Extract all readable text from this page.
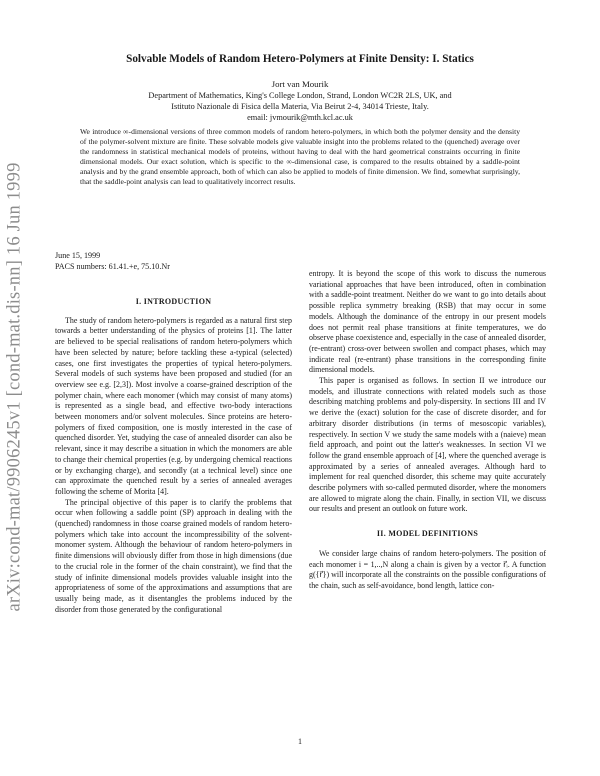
arXiv:cond-mat/9906245v1 [cond-mat.dis-nn] 16 Jun 1999
Solvable Models of Random Hetero-Polymers at Finite Density: I. Statics
Jort van Mourik
Department of Mathematics, King's College London, Strand, London WC2R 2LS, UK, and
Istituto Nazionale di Fisica della Materia, Via Beirut 2-4, 34014 Trieste, Italy.
email: jvmourik@mth.kcl.ac.uk

We introduce ∞-dimensional versions of three common models of random hetero-polymers, in which both the polymer density and the density of the polymer-solvent mixture are finite. These solvable models give valuable insight into the problems related to the (quenched) average over the randomness in statistical mechanical models of proteins, without having to deal with the hard geometrical constraints occurring in finite dimensional models. Our exact solution, which is specific to the ∞-dimensional case, is compared to the results obtained by a saddle-point analysis and by the grand ensemble approach, both of which can also be applied to models of finite dimension. We find, somewhat surprisingly, that the saddle-point analysis can lead to qualitatively incorrect results.

June 15, 1999
PACS numbers: 61.41.+e, 75.10.Nr
I. INTRODUCTION

The study of random hetero-polymers is regarded as a natural first step towards a better understanding of the physics of proteins [1]. The latter are believed to be special realisations of random hetero-polymers which have been selected by nature; before tackling these a-typical (selected) cases, one first investigates the properties of typical hetero-polymers. Several models of such systems have been proposed and studied (for an overview see e.g. [2,3]). Most involve a coarse-grained description of the polymer chain, where each monomer (which may consist of many atoms) is represented as a single bead, and effective two-body interactions between monomers and/or solvent molecules. Since proteins are hetero-polymers of fixed composition, one is mostly interested in the case of quenched disorder. Yet, studying the case of annealed disorder can also be relevant, since it may describe a situation in which the monomers are able to change their chemical properties (e.g. by undergoing chemical reactions or by exchanging charge), and secondly (at a technical level) since one can approximate the quenched result by a series of annealed averages following the scheme of Morita [4].

The principal objective of this paper is to clarify the problems that occur when following a saddle point (SP) approach in dealing with the (quenched) randomness in those coarse grained models of random hetero-polymers which take into account the incompressibility of the solvent-monomer system. Although the behaviour of random hetero-polymers in finite dimensions will obviously differ from those in high dimensions (due to the crucial role in the former of the chain constraint), we find that the study of infinite dimensional models provides valuable insight into the appropriateness of some of the approximations and assumptions that are usually being made, as it disentangles the problems induced by the disorder from those generated by the configurational

entropy. It is beyond the scope of this work to discuss the numerous variational approaches that have been introduced, often in combination with a saddle-point treatment. Neither do we want to go into details about possible replica symmetry breaking (RSB) that may occur in some models. Although the dominance of the entropy in our present models does not permit real phase transitions at finite temperatures, we do observe phase coexistence and, especially in the case of annealed disorder, (re-entrant) cross-over between swollen and compact phases, which may indicate real (re-entrant) phase transitions in the corresponding finite dimensional models.

This paper is organised as follows. In section II we introduce our models, and illustrate connections with related models such as those describing matching problems and poly-dispersity. In sections III and IV we derive the (exact) solution for the case of discrete disorder, and for arbitrary disorder distributions (in terms of mesoscopic variables), respectively. In section V we study the same models with a (naieve) mean field approach, and point out the latter's weaknesses. In section VI we follow the grand ensemble approach of [4], where the quenched average is approximated by a series of annealed averages. Although hard to implement for real quenched disorder, this scheme may quite accurately describe polymers with so-called permuted disorder, where the monomers are allowed to migrate along the chain. Finally, in section VII, we discuss our results and present an outlook on future work.

II. MODEL DEFINITIONS

We consider large chains of random hetero-polymers. The position of each monomer i = 1,..,N along a chain is given by a vector r⃗ᵢ. A function g({r⃗}) will incorporate all the constraints on the possible configurations of the chain, such as self-avoidance, bond length, lattice con-

1
